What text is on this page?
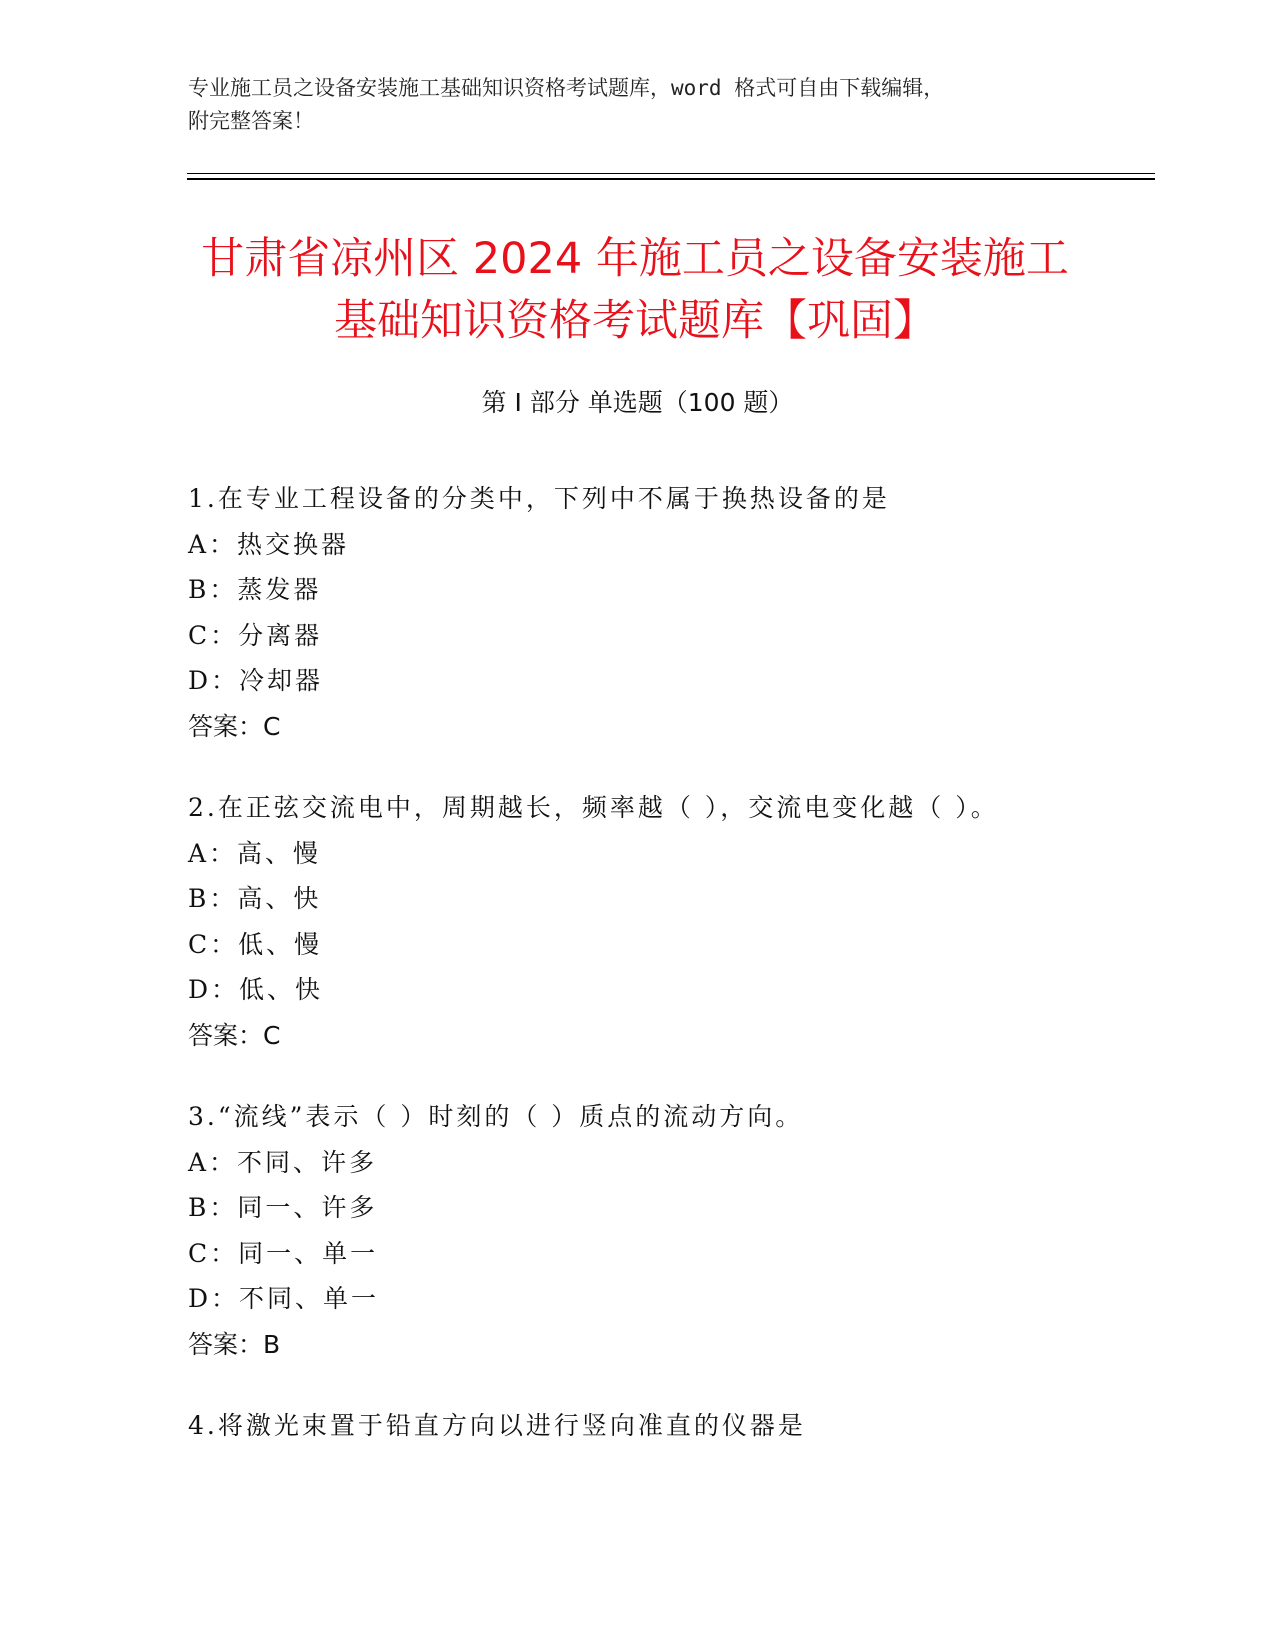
专业施工员之设备安装施工基础知识资格考试题库，word 格式可自由下载编辑，
附完整答案！
甘肃省凉州区 2024 年施工员之设备安装施工
基础知识资格考试题库【巩固】
第 I 部分 单选题（100 题）
1.在专业工程设备的分类中，下列中不属于换热设备的是
A：热交换器
B：蒸发器
C：分离器
D：冷却器
答案：C
2.在正弦交流电中，周期越长，频率越（ ），交流电变化越（ ）。
A：高、慢
B：高、快
C：低、慢
D：低、快
答案：C
3.“流线”表示（ ）时刻的（ ）质点的流动方向。
A：不同、许多
B：同一、许多
C：同一、单一
D：不同、单一
答案：B
4.将激光束置于铅直方向以进行竖向准直的仪器是
